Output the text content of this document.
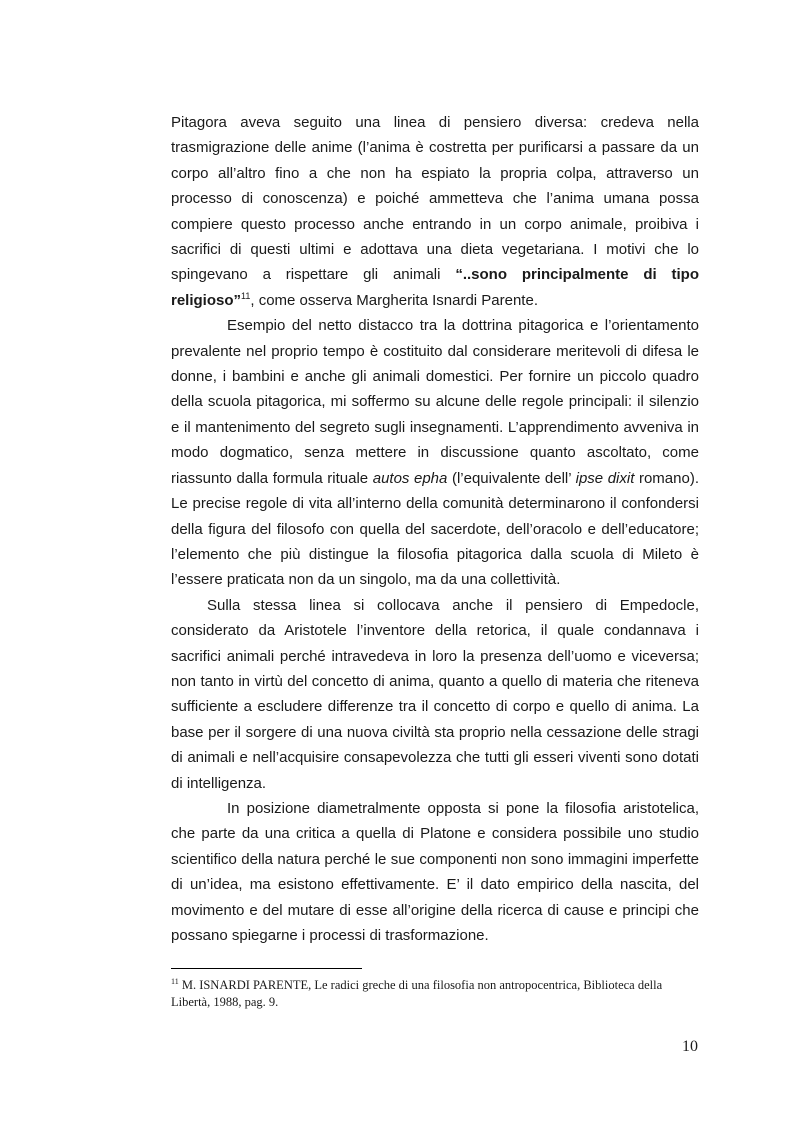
Pitagora aveva seguito una linea di pensiero diversa: credeva nella trasmigrazione delle anime (l’anima è costretta per purificarsi a passare da un corpo all’altro fino a che non ha espiato la propria colpa, attraverso un processo di conoscenza) e poiché ammetteva che l’anima umana possa compiere questo processo anche entrando in un corpo animale, proibiva i sacrifici di questi ultimi e adottava una dieta vegetariana. I motivi che lo spingevano a rispettare gli animali “..sono principalmente di tipo religioso”$^{11}$, come osserva Margherita Isnardi Parente.

Esempio del netto distacco tra la dottrina pitagorica e l’orientamento prevalente nel proprio tempo è costituito dal considerare meritevoli di difesa le donne, i bambini e anche gli animali domestici. Per fornire un piccolo quadro della scuola pitagorica, mi soffermo su alcune delle regole principali: il silenzio e il mantenimento del segreto sugli insegnamenti. L’apprendimento avveniva in modo dogmatico, senza mettere in discussione quanto ascoltato, come riassunto dalla formula rituale autos epha (l’equivalente dell’ ipse dixit romano). Le precise regole di vita all’interno della comunità determinarono il confondersi della figura del filosofo con quella del sacerdote, dell’oracolo e dell’educatore; l’elemento che più distingue la filosofia pitagorica dalla scuola di Mileto è l’essere praticata non da un singolo, ma da una collettività.

Sulla stessa linea si collocava anche il pensiero di Empedocle, considerato da Aristotele l’inventore della retorica, il quale condannava i sacrifici animali perché intravedeva in loro la presenza dell’uomo e viceversa; non tanto in virtù del concetto di anima, quanto a quello di materia che riteneva sufficiente a escludere differenze tra il concetto di corpo e quello di anima. La base per il sorgere di una nuova civiltà sta proprio nella cessazione delle stragi di animali e nell’acquisire consapevolezza che tutti gli esseri viventi sono dotati di intelligenza.

In posizione diametralmente opposta si pone la filosofia aristotelica, che parte da una critica a quella di Platone e considera possibile uno studio scientifico della natura perché le sue componenti non sono immagini imperfette di un’idea, ma esistono effettivamente. E’ il dato empirico della nascita, del movimento e del mutare di esse all’origine della ricerca di cause e principi che possano spiegarne i processi di trasformazione.

$^{11}$ M. ISNARDI PARENTE, Le radici greche di una filosofia non antropocentrica, Biblioteca della Libertà, 1988, pag. 9.
10
